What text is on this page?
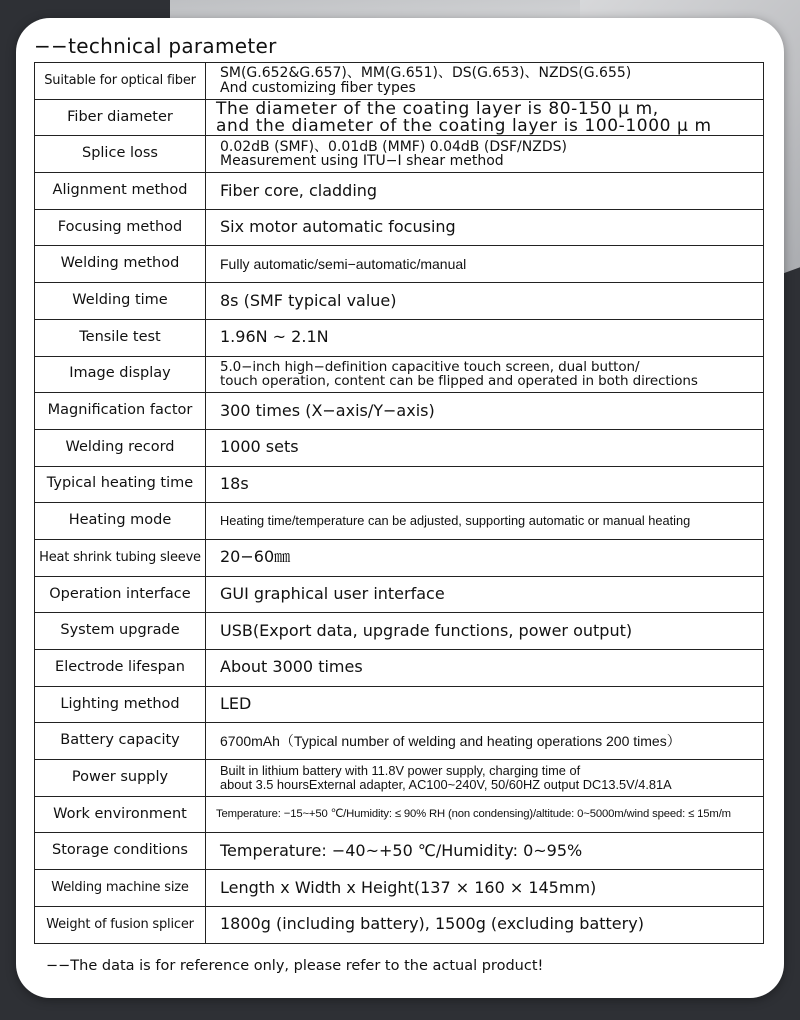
−−technical parameter
Suitable for optical fiber	SM(G.652&G.657)、MM(G.651)、DS(G.653)、NZDS(G.655)
And customizing fiber types

Fiber diameter	The diameter of the coating layer is 80-150 μ m,
and the diameter of the coating layer is 100-1000 μ m

Splice loss	0.02dB (SMF)、0.01dB (MMF) 0.04dB (DSF/NZDS)
Measurement using ITU−I shear method

Alignment method	Fiber core, cladding
Focusing method	Six motor automatic focusing
Welding method	Fully automatic/semi−automatic/manual
Welding time	8s (SMF typical value)
Tensile test	1.96N ~ 2.1N
Image display	5.0−inch high−definition capacitive touch screen, dual button/
touch operation, content can be flipped and operated in both directions

Magnification factor	300 times (X−axis/Y−axis)
Welding record	1000 sets
Typical heating time	18s
Heating mode	Heating time/temperature can be adjusted, supporting automatic or manual heating
Heat shrink tubing sleeve	20−60㎜
Operation interface	GUI graphical user interface
System upgrade	USB(Export data, upgrade functions, power output)
Electrode lifespan	About 3000 times
Lighting method	LED
Battery capacity	6700mAh（Typical number of welding and heating operations 200 times）
Power supply	Built in lithium battery with 11.8V power supply, charging time of
about 3.5 hoursExternal adapter, AC100~240V, 50/60HZ output DC13.5V/4.81A

Work environment	Temperature: −15~+50 ℃/Humidity: ≤ 90% RH (non condensing)/altitude: 0~5000m/wind speed: ≤ 15m/m
Storage conditions	Temperature: −40~+50 ℃/Humidity: 0~95%
Welding machine size	Length x Width x Height(137 × 160 × 145mm)
Weight of fusion splicer	1800g (including battery), 1500g (excluding battery)
−−The data is for reference only, please refer to the actual product!
